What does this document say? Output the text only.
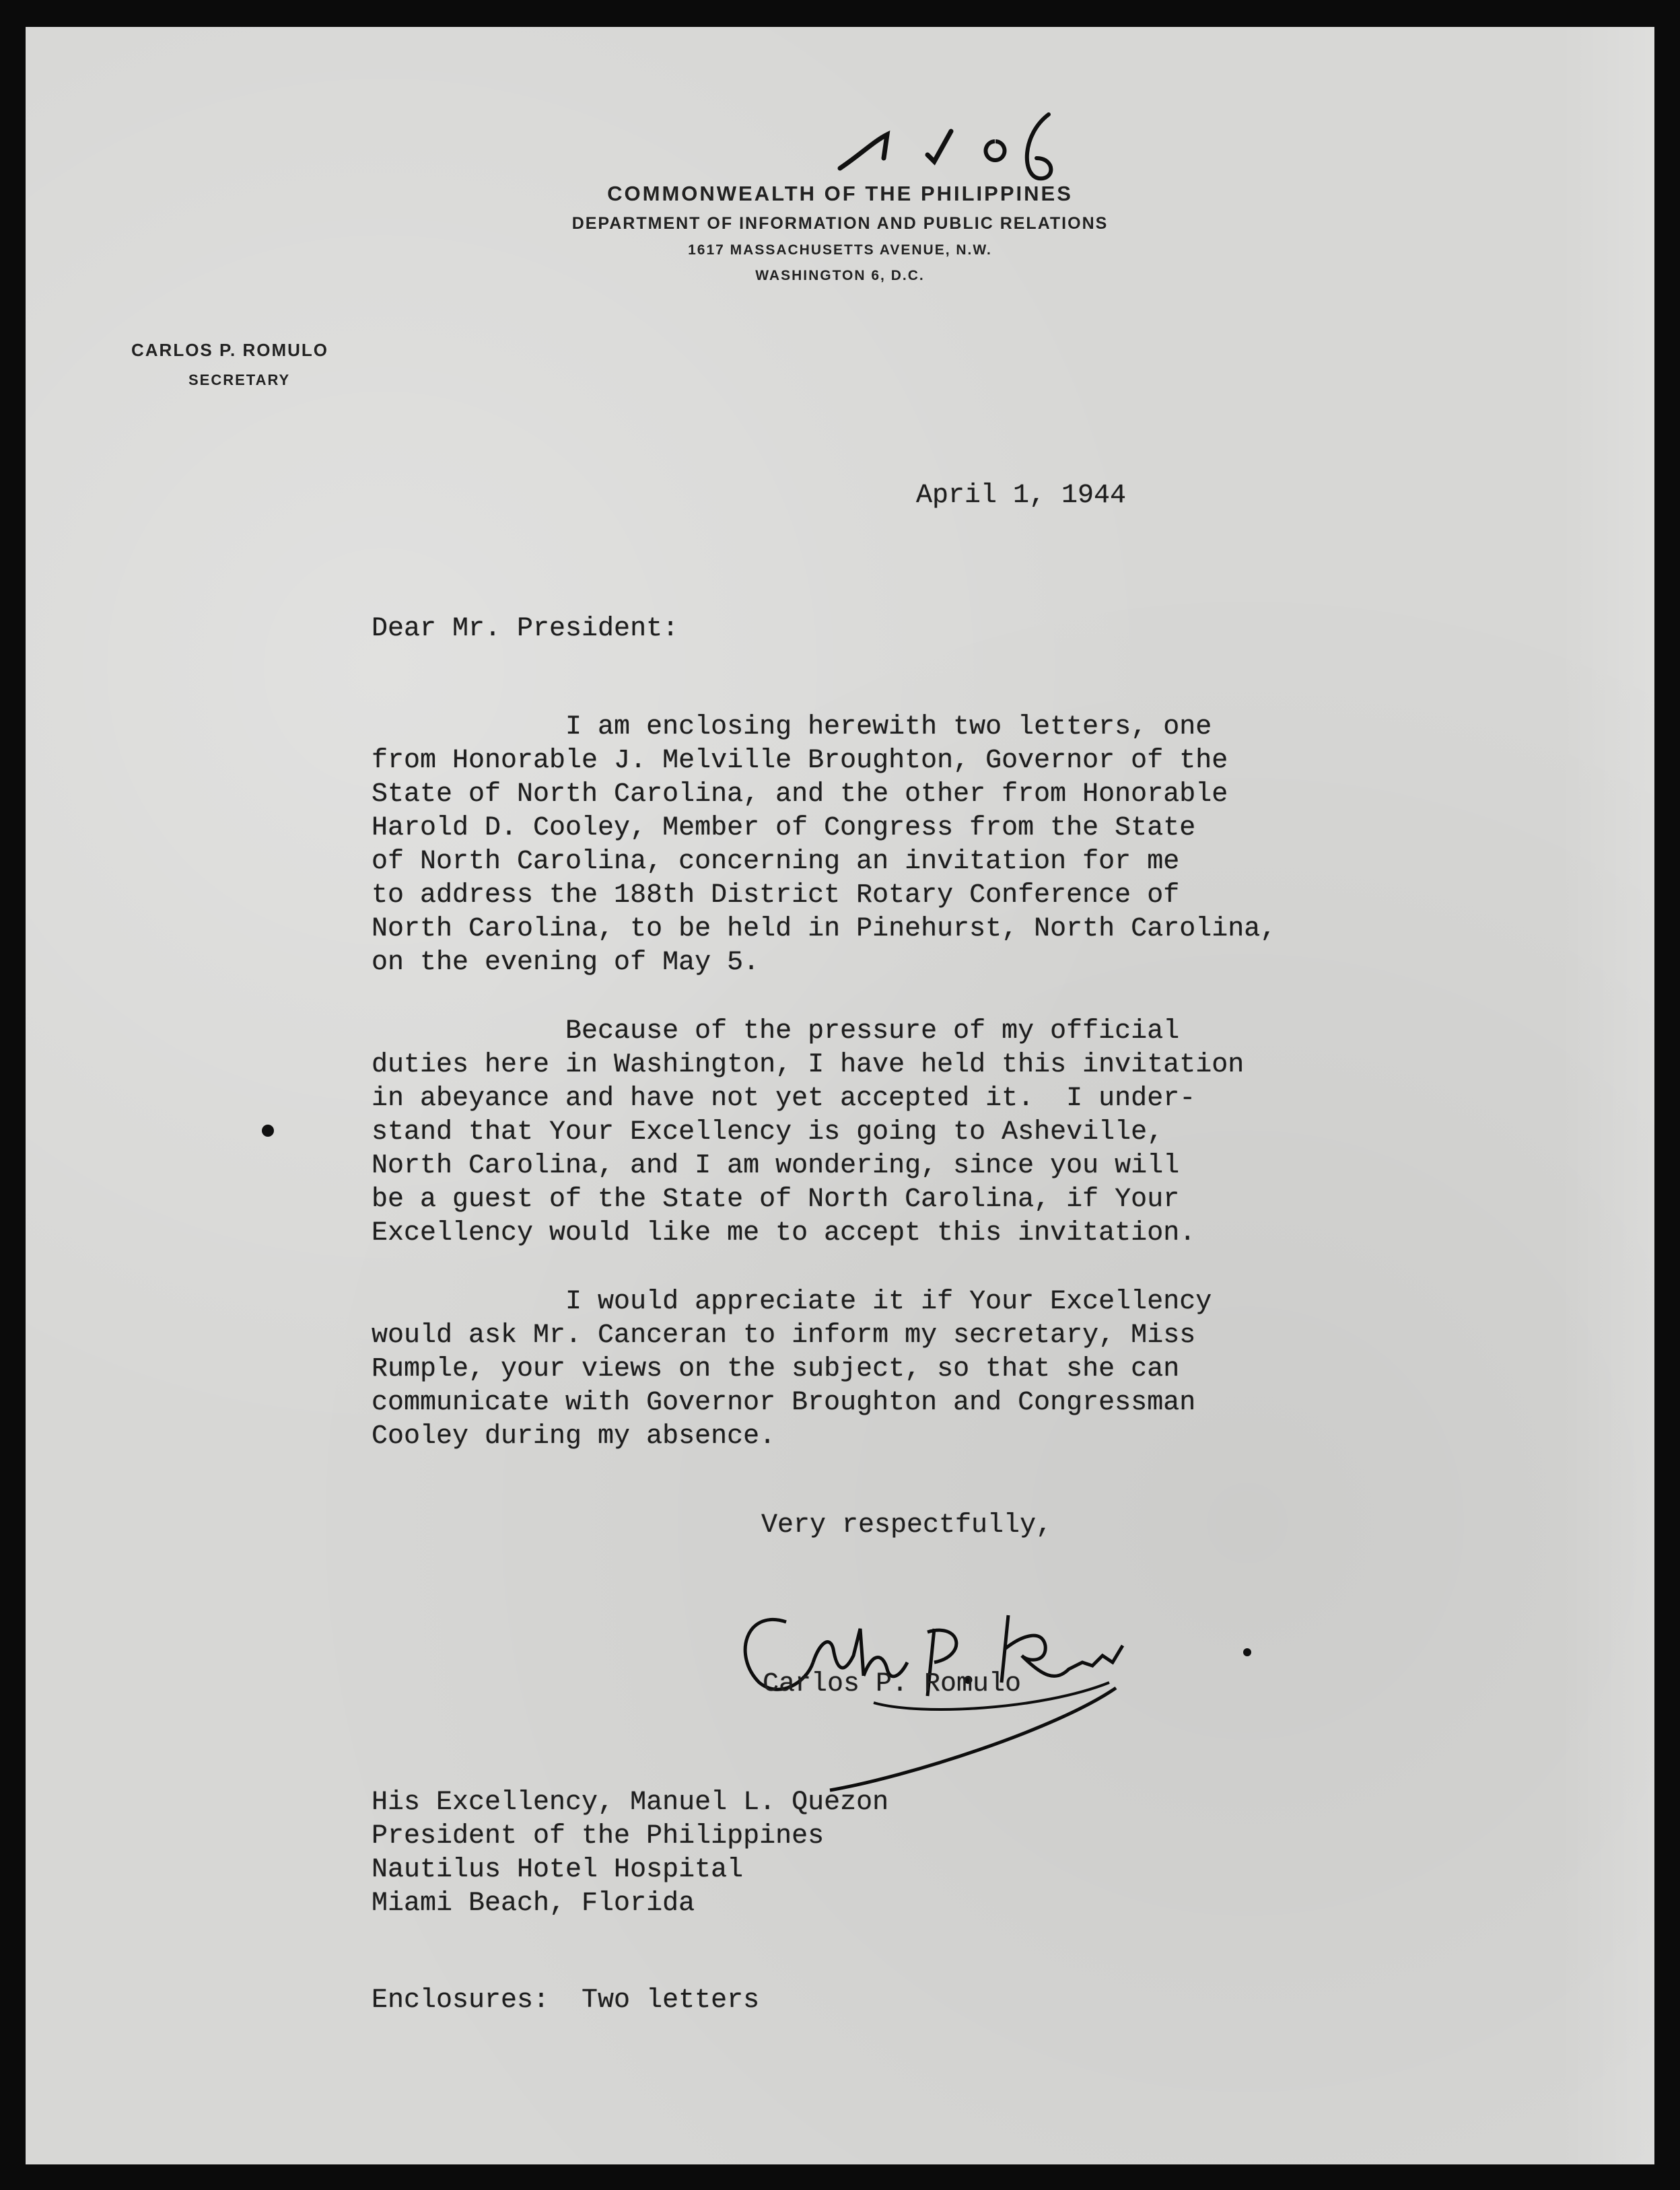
COMMONWEALTH OF THE PHILIPPINES
DEPARTMENT OF INFORMATION AND PUBLIC RELATIONS
1617 MASSACHUSETTS AVENUE, N.W.
WASHINGTON 6, D.C.
CARLOS P. ROMULO
SECRETARY
April 1, 1944
Dear Mr. President:
I am enclosing herewith two letters, one
from Honorable J. Melville Broughton, Governor of the
State of North Carolina, and the other from Honorable
Harold D. Cooley, Member of Congress from the State
of North Carolina, concerning an invitation for me
to address the 188th District Rotary Conference of
North Carolina, to be held in Pinehurst, North Carolina,
on the evening of May 5.
Because of the pressure of my official
duties here in Washington, I have held this invitation
in abeyance and have not yet accepted it.  I under-
stand that Your Excellency is going to Asheville,
North Carolina, and I am wondering, since you will
be a guest of the State of North Carolina, if Your
Excellency would like me to accept this invitation.
I would appreciate it if Your Excellency
would ask Mr. Canceran to inform my secretary, Miss
Rumple, your views on the subject, so that she can
communicate with Governor Broughton and Congressman
Cooley during my absence.
Very respectfully,
Carlos P. Romulo
His Excellency, Manuel L. Quezon
President of the Philippines
Nautilus Hotel Hospital
Miami Beach, Florida
Enclosures:  Two letters
